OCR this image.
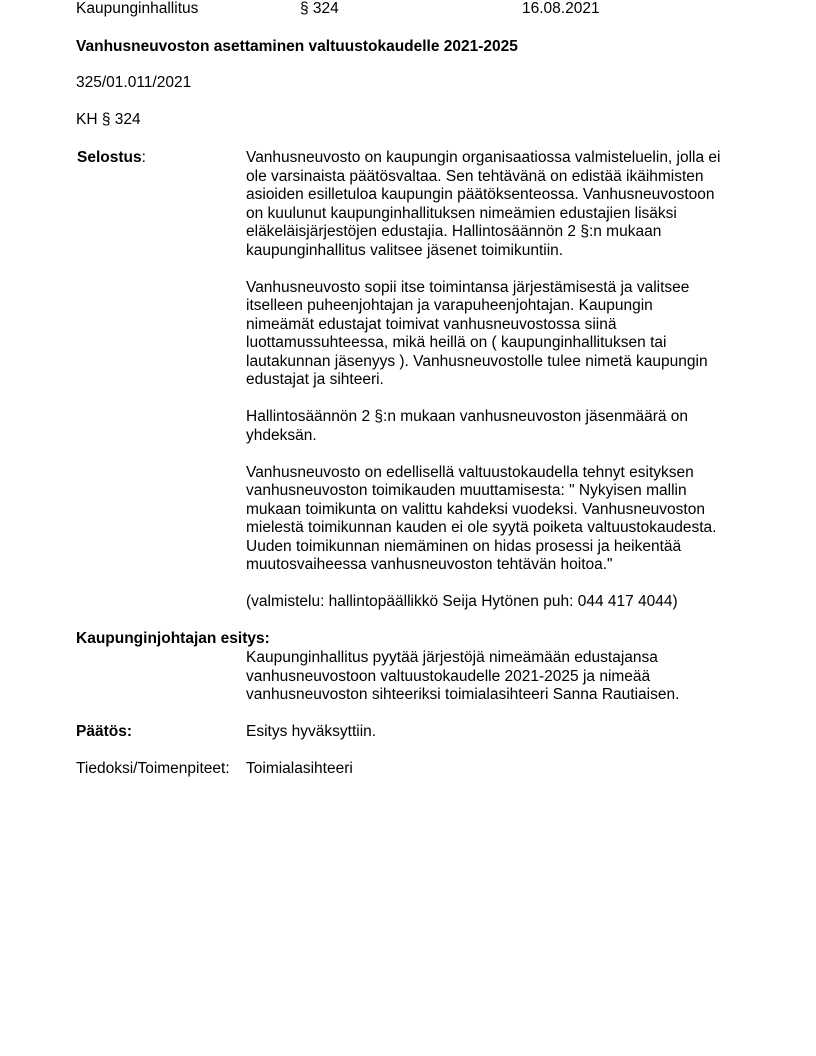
Kaupunginhallitus	§ 324	16.08.2021
Vanhusneuvoston asettaminen valtuustokaudelle 2021-2025
325/01.011/2021
KH § 324
Selostus:	Vanhusneuvosto on kaupungin organisaatiossa valmisteluelin, jolla ei
ole varsinaista päätösvaltaa. Sen tehtävänä on edistää ikäihmisten
asioiden esilletuloa kaupungin päätöksenteossa. Vanhusneuvostoon
on kuulunut kaupunginhallituksen nimeämien edustajien lisäksi
eläkeläisjärjestöjen edustajia. Hallintosäännön 2 §:n mukaan
kaupunginhallitus valitsee jäsenet toimikuntiin.

Vanhusneuvosto sopii itse toimintansa järjestämisestä ja valitsee
itselleen puheenjohtajan ja varapuheenjohtajan. Kaupungin
nimeämät edustajat toimivat vanhusneuvostossa siinä
luottamussuhteessa, mikä heillä on ( kaupunginhallituksen tai
lautakunnan jäsenyys ). Vanhusneuvostolle tulee nimetä kaupungin
edustajat ja sihteeri.

Hallintosäännön 2 §:n mukaan vanhusneuvoston jäsenmäärä on
yhdeksän.

Vanhusneuvosto on edellisellä valtuustokaudella tehnyt esityksen
vanhusneuvoston toimikauden muuttamisesta: " Nykyisen mallin
mukaan toimikunta on valittu kahdeksi vuodeksi. Vanhusneuvoston
mielestä toimikunnan kauden ei ole syytä poiketa valtuustokaudesta.
Uuden toimikunnan niemäminen on hidas prosessi ja heikentää
muutosvaiheessa vanhusneuvoston tehtävän hoitoa."

(valmistelu: hallintopäällikkö Seija Hytönen puh: 044 417 4044)

Kaupunginjohtajan esitys:

Kaupunginhallitus pyytää järjestöjä nimeämään edustajansa
vanhusneuvostoon valtuustokaudelle 2021-2025 ja nimeää
vanhusneuvoston sihteeriksi toimialasihteeri Sanna Rautiaisen.

Päätös:	Esitys hyväksyttiin.
Tiedoksi/Toimenpiteet: Toimialasihteeri
